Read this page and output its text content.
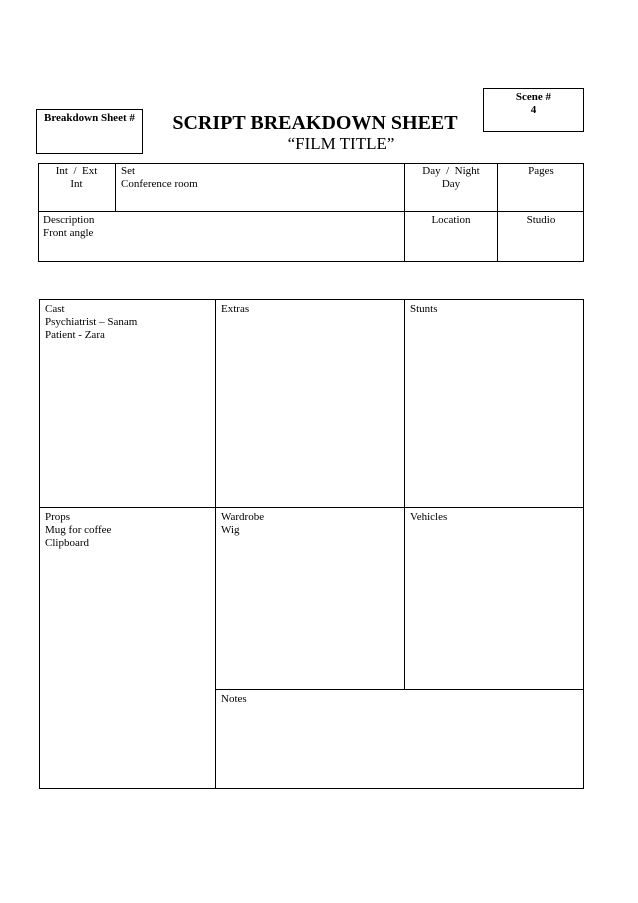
Breakdown Sheet #
Scene #
4
SCRIPT BREAKDOWN SHEET
“FILM TITLE”
Int  /  Ext
Int
Set
Conference room
Day  /  Night
Day
Pages
Description
Front angle
Location	Studio
Cast
Psychiatrist – Sanam
Patient - Zara
Extras	Stunts
Props
Mug for coffee
Clipboard
Wardrobe
Wig
Vehicles
Notes
